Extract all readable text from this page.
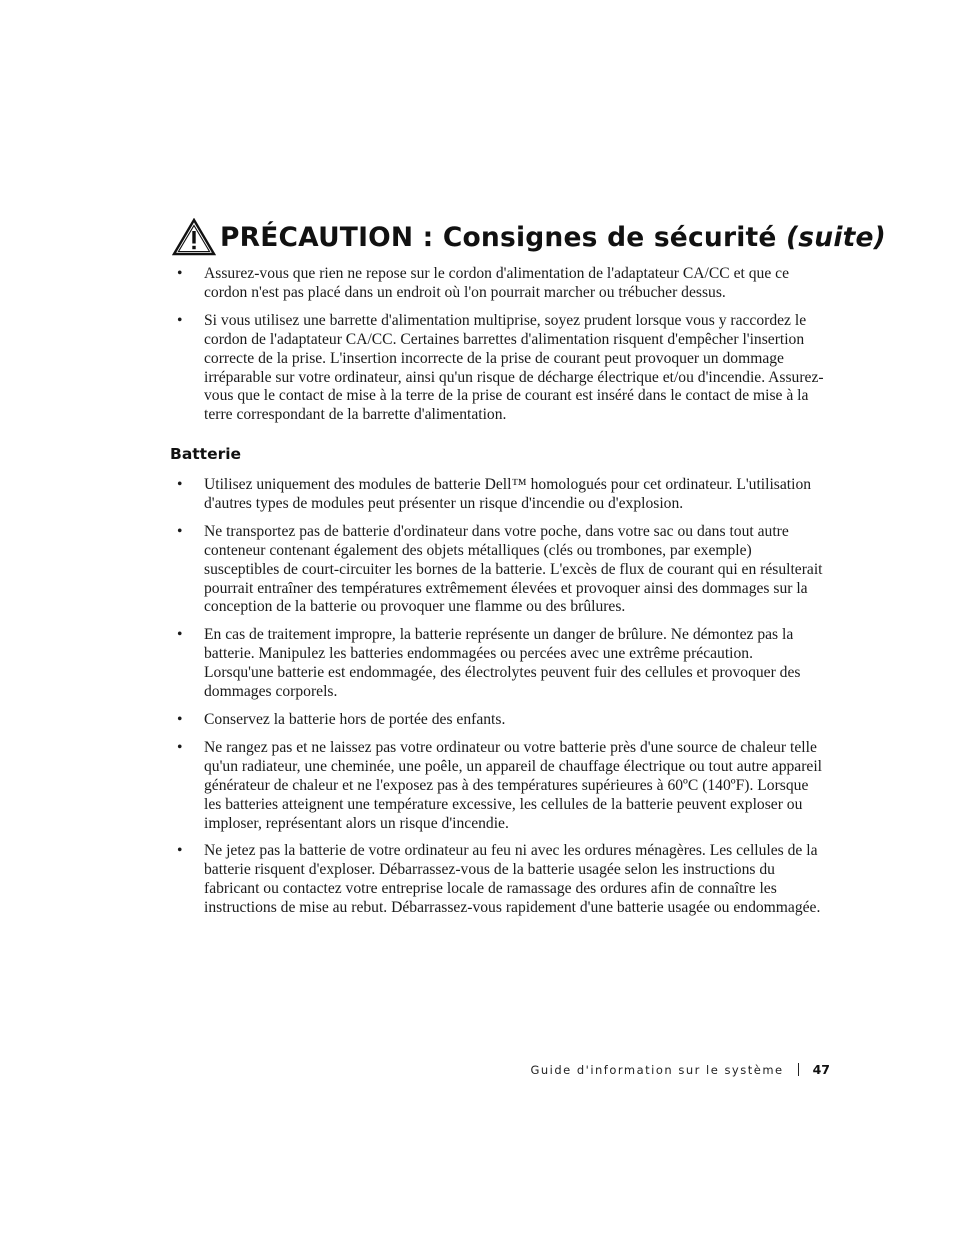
PRÉCAUTION : Consignes de sécurité (suite)
• Assurez-vous que rien ne repose sur le cordon d'alimentation de l'adaptateur CA/CC et que ce cordon n'est pas placé dans un endroit où l'on pourrait marcher ou trébucher dessus.
• Si vous utilisez une barrette d'alimentation multiprise, soyez prudent lorsque vous y raccordez le cordon de l'adaptateur CA/CC. Certaines barrettes d'alimentation risquent d'empêcher l'insertion correcte de la prise. L'insertion incorrecte de la prise de courant peut provoquer un dommage irréparable sur votre ordinateur, ainsi qu'un risque de décharge électrique et/ou d'incendie. Assurez-vous que le contact de mise à la terre de la prise de courant est inséré dans le contact de mise à la terre correspondant de la barrette d'alimentation.
Batterie
• Utilisez uniquement des modules de batterie Dell™ homologués pour cet ordinateur. L'utilisation d'autres types de modules peut présenter un risque d'incendie ou d'explosion.
• Ne transportez pas de batterie d'ordinateur dans votre poche, dans votre sac ou dans tout autre conteneur contenant également des objets métalliques (clés ou trombones, par exemple) susceptibles de court-circuiter les bornes de la batterie. L'excès de flux de courant qui en résulterait pourrait entraîner des températures extrêmement élevées et provoquer ainsi des dommages sur la conception de la batterie ou provoquer une flamme ou des brûlures.
• En cas de traitement impropre, la batterie représente un danger de brûlure. Ne démontez pas la batterie. Manipulez les batteries endommagées ou percées avec une extrême précaution. Lorsqu'une batterie est endommagée, des électrolytes peuvent fuir des cellules et provoquer des dommages corporels.
• Conservez la batterie hors de portée des enfants.
• Ne rangez pas et ne laissez pas votre ordinateur ou votre batterie près d'une source de chaleur telle qu'un radiateur, une cheminée, une poêle, un appareil de chauffage électrique ou tout autre appareil générateur de chaleur et ne l'exposez pas à des températures supérieures à 60ºC (140ºF). Lorsque les batteries atteignent une température excessive, les cellules de la batterie peuvent exploser ou imploser, représentant alors un risque d'incendie.
• Ne jetez pas la batterie de votre ordinateur au feu ni avec les ordures ménagères. Les cellules de la batterie risquent d'exploser. Débarrassez-vous de la batterie usagée selon les instructions du fabricant ou contactez votre entreprise locale de ramassage des ordures afin de connaître les instructions de mise au rebut. Débarrassez-vous rapidement d'une batterie usagée ou endommagée.
Guide d'information sur le système 47
